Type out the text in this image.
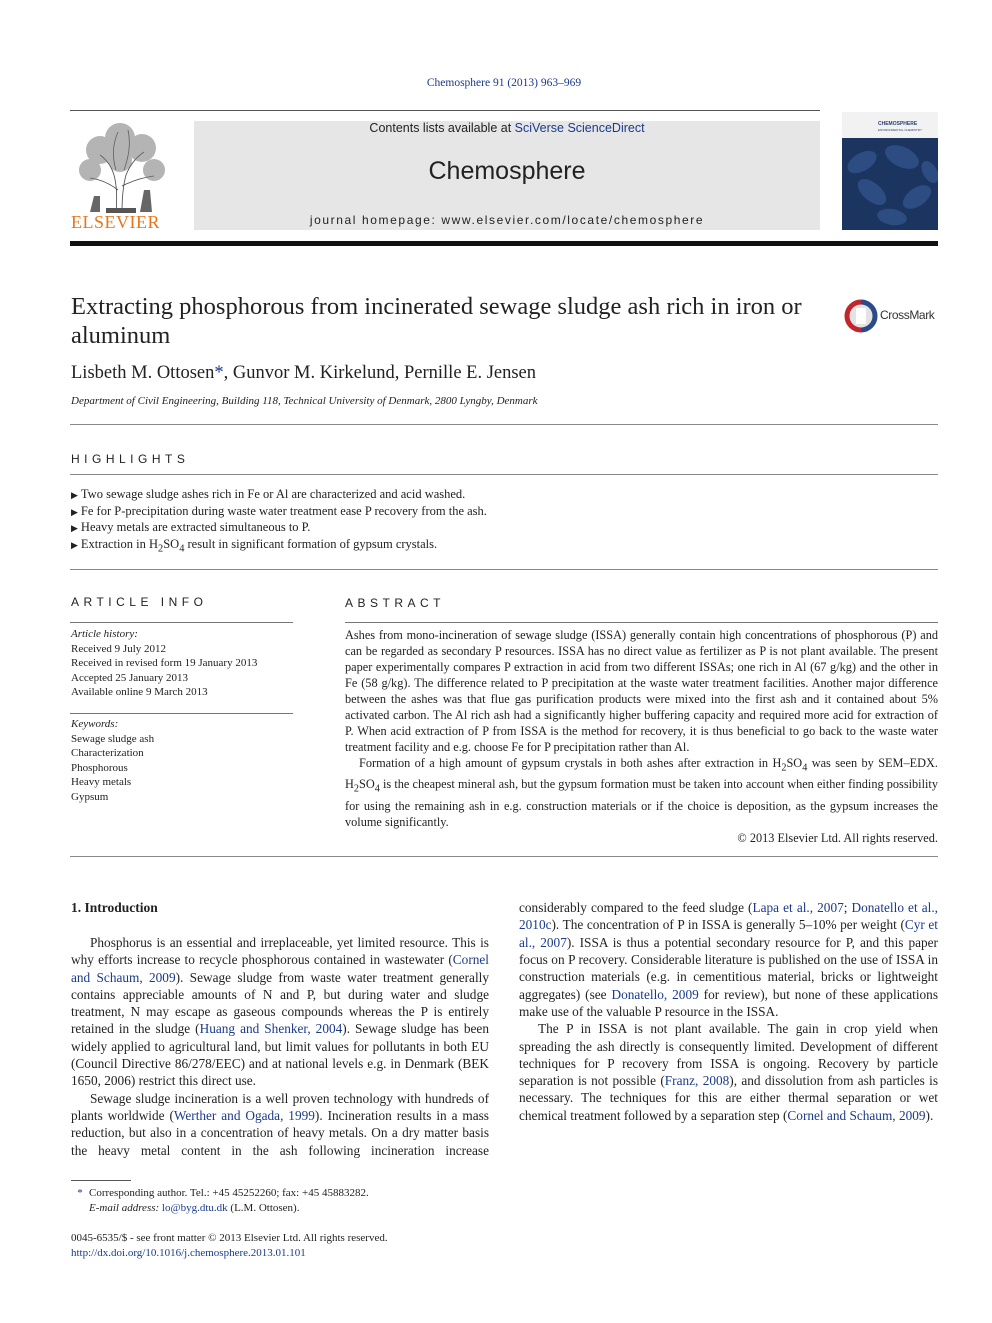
Chemosphere 91 (2013) 963–969
ELSEVIER
Contents lists available at SciVerse ScienceDirect
Chemosphere
journal homepage: www.elsevier.com/locate/chemosphere
CHEMOSPHERE
ENVIRONMENTAL CHEMISTRY
Extracting phosphorous from incinerated sewage sludge ash rich in iron or aluminum
CrossMark
Lisbeth M. Ottosen*, Gunvor M. Kirkelund, Pernille E. Jensen
Department of Civil Engineering, Building 118, Technical University of Denmark, 2800 Lyngby, Denmark
HIGHLIGHTS
▶ Two sewage sludge ashes rich in Fe or Al are characterized and acid washed.
▶ Fe for P-precipitation during waste water treatment ease P recovery from the ash.
▶ Heavy metals are extracted simultaneous to P.
▶ Extraction in $H_2SO_4$ result in significant formation of gypsum crystals.
ARTICLE INFO
Article history:
Received 9 July 2012
Received in revised form 19 January 2013
Accepted 25 January 2013
Available online 9 March 2013
Keywords:
Sewage sludge ash
Characterization
Phosphorous
Heavy metals
Gypsum
ABSTRACT

Ashes from mono-incineration of sewage sludge (ISSA) generally contain high concentrations of phosphorous (P) and can be regarded as secondary P resources. ISSA has no direct value as fertilizer as P is not plant available. The present paper experimentally compares P extraction in acid from two different ISSAs; one rich in Al (67 g/kg) and the other in Fe (58 g/kg). The difference related to P precipitation at the waste water treatment facilities. Another major difference between the ashes was that flue gas purification products were mixed into the first ash and it contained about 5% activated carbon. The Al rich ash had a significantly higher buffering capacity and required more acid for extraction of P. When acid extraction of P from ISSA is the method for recovery, it is thus beneficial to go back to the waste water treatment facility and e.g. choose Fe for P precipitation rather than Al.

Formation of a high amount of gypsum crystals in both ashes after extraction in $H_2SO_4$ was seen by SEM–EDX. $H_2SO_4$ is the cheapest mineral ash, but the gypsum formation must be taken into account when either finding possibility for using the remaining ash in e.g. construction materials or if the choice is deposition, as the gypsum increases the volume significantly.

© 2013 Elsevier Ltd. All rights reserved.
1. Introduction

Phosphorus is an essential and irreplaceable, yet limited resource. This is why efforts increase to recycle phosphorous contained in wastewater (Cornel and Schaum, 2009). Sewage sludge from waste water treatment generally contains appreciable amounts of N and P, but during water and sludge treatment, N may escape as gaseous compounds whereas the P is entirely retained in the sludge (Huang and Shenker, 2004). Sewage sludge has been widely applied to agricultural land, but limit values for pollutants in both EU (Council Directive 86/278/EEC) and at national levels e.g. in Denmark (BEK 1650, 2006) restrict this direct use.

Sewage sludge incineration is a well proven technology with hundreds of plants worldwide (Werther and Ogada, 1999). Incineration results in a mass reduction, but also in a concentration of heavy metals. On a dry matter basis the heavy metal content in the ash following incineration increase

considerably compared to the feed sludge (Lapa et al., 2007; Donatello et al., 2010c). The concentration of P in ISSA is generally 5–10% per weight (Cyr et al., 2007). ISSA is thus a potential secondary resource for P, and this paper focus on P recovery. Considerable literature is published on the use of ISSA in construction materials (e.g. in cementitious material, bricks or lightweight aggregates) (see Donatello, 2009 for review), but none of these applications make use of the valuable P resource in the ISSA.

The P in ISSA is not plant available. The gain in crop yield when spreading the ash directly is consequently limited. Development of different techniques for P recovery from ISSA is ongoing. Recovery by particle separation is not possible (Franz, 2008), and dissolution from ash particles is necessary. The techniques for this are either thermal separation or wet chemical treatment followed by a separation step (Cornel and Schaum, 2009).

* Corresponding author. Tel.: +45 45252260; fax: +45 45883282.
E-mail address: lo@byg.dtu.dk (L.M. Ottosen).
0045-6535/$ - see front matter © 2013 Elsevier Ltd. All rights reserved.
http://dx.doi.org/10.1016/j.chemosphere.2013.01.101
